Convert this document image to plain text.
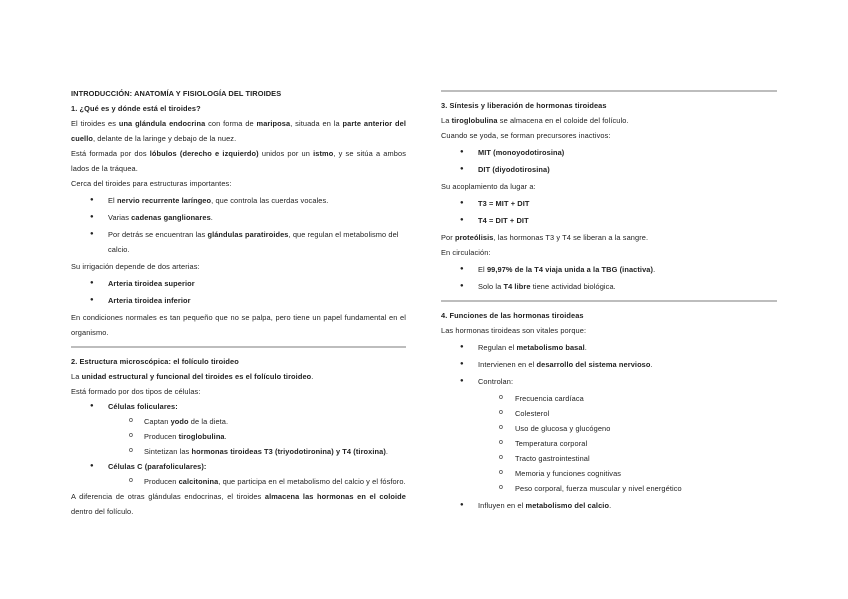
INTRODUCCIÓN: ANATOMÍA Y FISIOLOGÍA DEL TIROIDES

1. ¿Qué es y dónde está el tiroides?

El tiroides es una glándula endocrina con forma de mariposa, situada en la parte anterior del cuello, delante de la laringe y debajo de la nuez.

Está formada por dos lóbulos (derecho e izquierdo) unidos por un istmo, y se sitúa a ambos lados de la tráquea.

Cerca del tiroides para estructuras importantes:

● El nervio recurrente laríngeo, que controla las cuerdas vocales.

● Varias cadenas ganglionares.

● Por detrás se encuentran las glándulas paratiroides, que regulan el metabolismo del calcio.

Su irrigación depende de dos arterias:

● Arteria tiroidea superior

● Arteria tiroidea inferior

En condiciones normales es tan pequeño que no se palpa, pero tiene un papel fundamental en el organismo.

2. Estructura microscópica: el folículo tiroideo

La unidad estructural y funcional del tiroides es el folículo tiroideo.

Está formado por dos tipos de células:

● Células foliculares:

o Captan yodo de la dieta.

o Producen tiroglobulina.

o Sintetizan las hormonas tiroideas T3 (triyodotironina) y T4 (tiroxina).

● Células C (parafoliculares):

o Producen calcitonina, que participa en el metabolismo del calcio y el fósforo.

A diferencia de otras glándulas endocrinas, el tiroides almacena las hormonas en el coloide dentro del folículo.

3. Síntesis y liberación de hormonas tiroideas

La tiroglobulina se almacena en el coloide del folículo.

Cuando se yoda, se forman precursores inactivos:

● MIT (monoyodotirosina)

● DIT (diyodotirosina)

Su acoplamiento da lugar a:

● T3 = MIT + DIT

● T4 = DIT + DIT

Por proteólisis, las hormonas T3 y T4 se liberan a la sangre.

En circulación:

● El 99,97% de la T4 viaja unida a la TBG (inactiva).

● Solo la T4 libre tiene actividad biológica.

4. Funciones de las hormonas tiroideas

Las hormonas tiroideas son vitales porque:

● Regulan el metabolismo basal.

● Intervienen en el desarrollo del sistema nervioso.

● Controlan:

o Frecuencia cardíaca

o Colesterol

o Uso de glucosa y glucógeno

o Temperatura corporal

o Tracto gastrointestinal

o Memoria y funciones cognitivas

o Peso corporal, fuerza muscular y nivel energético

● Influyen en el metabolismo del calcio.
